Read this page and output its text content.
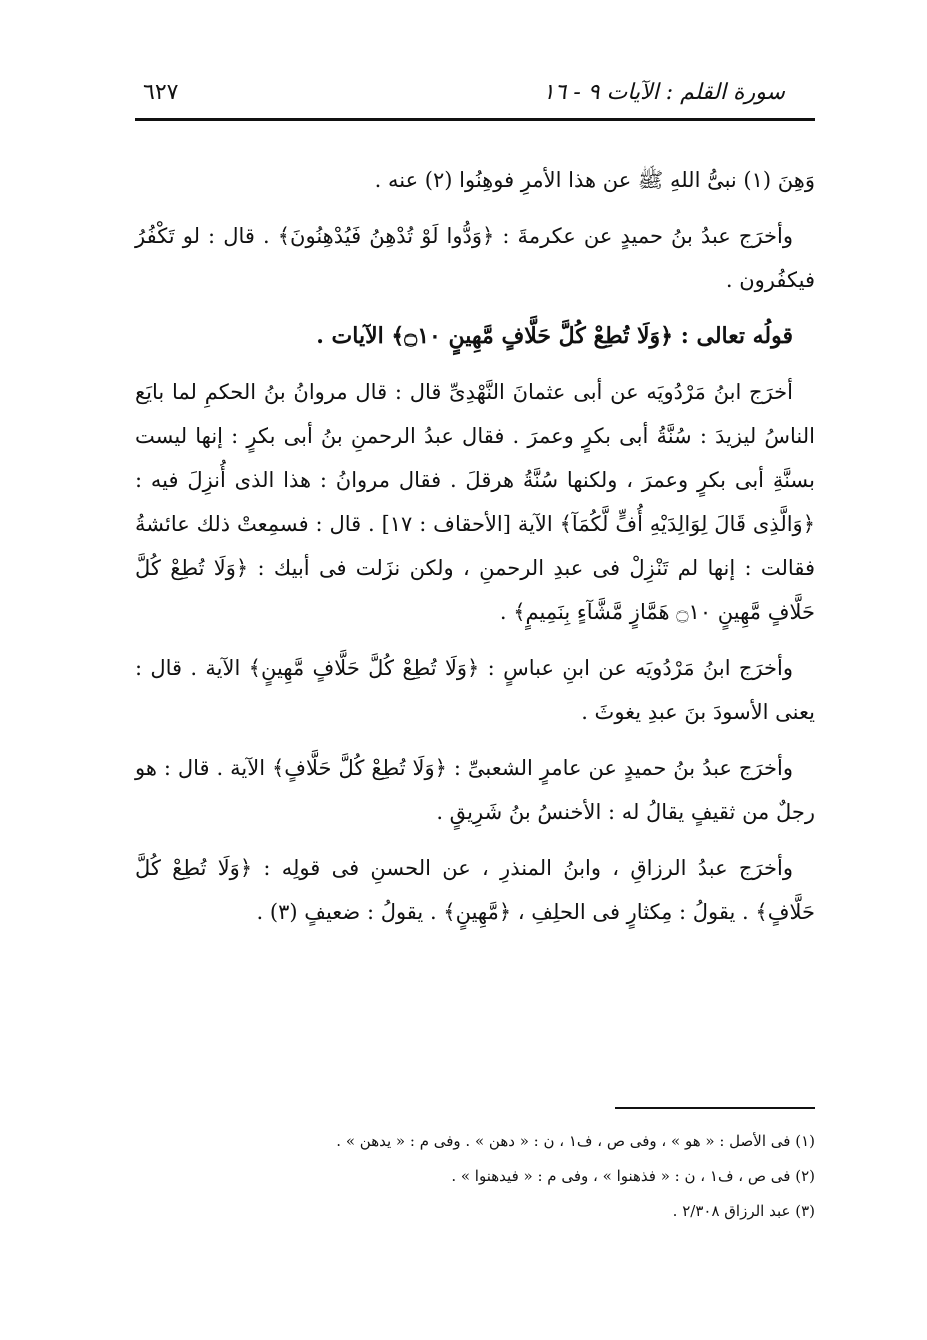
سورة القلم : الآيات ٩ - ١٦
٦٢٧

وَهِنَ (١) نبىُّ اللهِ ﷺ عن هذا الأمرِ فوهِنُوا (٢) عنه .

وأخرَج عبدُ بنُ حميدٍ عن عكرمةَ : ﴿وَدُّوا لَوْ تُدْهِنُ فَيُدْهِنُونَ﴾ . قال : لو تَكْفُرُ فيكفُرون .

قولُه تعالى : ﴿وَلَا تُطِعْ كُلَّ حَلَّافٍ مَّهِينٍ ۝١٠﴾ الآيات .

أخرَج ابنُ مَرْدُويَه عن أبى عثمانَ النَّهْدِىِّ قال : قال مروانُ بنُ الحكمِ لما بايَع الناسُ ليزيدَ : سُنَّةُ أبى بكرٍ وعمرَ . فقال عبدُ الرحمنِ بنُ أبى بكرٍ : إنها ليست بسنَّةِ أبى بكرٍ وعمرَ ، ولكنها سُنَّةُ هرقلَ . فقال مروانُ : هذا الذى أُنزِلَ فيه : ﴿وَالَّذِى قَالَ لِوَالِدَيْهِ أُفٍّ لَّكُمَآ﴾ الآية [الأحقاف : ١٧] . قال : فسمِعتْ ذلك عائشةُ فقالت : إنها لم تَنْزِلْ فى عبدِ الرحمنِ ، ولكن نزَلت فى أبيك : ﴿وَلَا تُطِعْ كُلَّ حَلَّافٍ مَّهِينٍ ۝١٠ هَمَّازٍ مَّشَّآءٍ بِنَمِيمٍ﴾ .

وأخرَج ابنُ مَرْدُويَه عن ابنِ عباسٍ : ﴿وَلَا تُطِعْ كُلَّ حَلَّافٍ مَّهِينٍ﴾ الآية . قال : يعنى الأسودَ بنَ عبدِ يغوثَ .

وأخرَج عبدُ بنُ حميدٍ عن عامرٍ الشعبىِّ : ﴿وَلَا تُطِعْ كُلَّ حَلَّافٍ﴾ الآية . قال : هو رجلٌ من ثقيفٍ يقالُ له : الأخنسُ بنُ شَرِيقٍ .

وأخرَج عبدُ الرزاقِ ، وابنُ المنذرِ ، عن الحسنِ فى قولِه : ﴿وَلَا تُطِعْ كُلَّ حَلَّافٍ﴾ . يقولُ : مِكثارٍ فى الحلِفِ ، ﴿مَّهِينٍ﴾ . يقولُ : ضعيفٍ (٣) .

(١) فى الأصل : « هو » ، وفى ص ، ف١ ، ن : « دهن » . وفى م : « يدهن » .

(٢) فى ص ، ف١ ، ن : « فذهنوا » ، وفى م : « فيدهنوا » .

(٣) عبد الرزاق ٢/٣٠٨ .
